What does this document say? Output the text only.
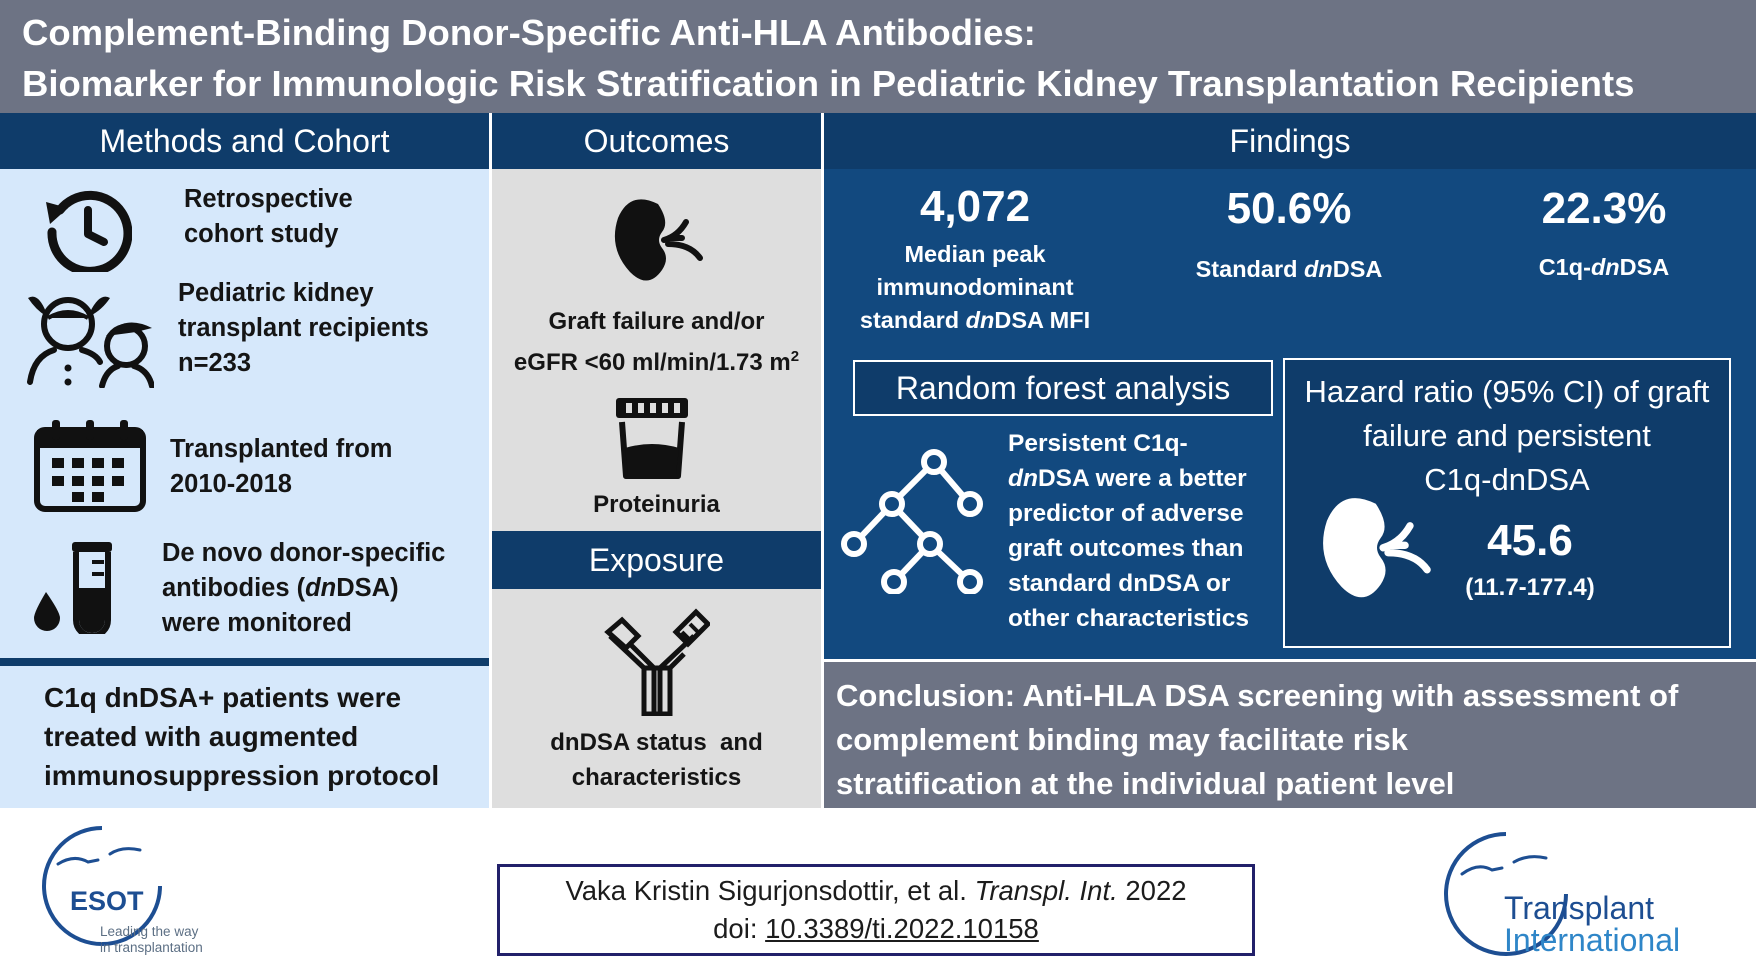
Complement-Binding Donor-Specific Anti-HLA Antibodies:
Biomarker for Immunologic Risk Stratification in Pediatric Kidney Transplantation Recipients
Methods and Cohort
Retrospective
cohort study
Pediatric kidney
transplant recipients
n=233
Transplanted from
2010-2018
De novo donor-specific
antibodies (dnDSA)
were monitored
C1q dnDSA+ patients were
treated with augmented
immunosuppression protocol
Outcomes
Graft failure and/or
eGFR <60 ml/min/1.73 $m^2$
Proteinuria
Exposure
dnDSA status  and
characteristics
Findings
4,072
Median peak
immunodominant
standard dnDSA MFI
50.6%
Standard dnDSA
22.3%
C1q-dnDSA
Random forest analysis
Persistent C1q-
dnDSA were a better
predictor of adverse
graft outcomes than
standard dnDSA or
other characteristics
Hazard ratio (95% CI) of graft
failure and persistent
C1q-dnDSA
45.6
(11.7-177.4)
Conclusion: Anti-HLA DSA screening with assessment of
complement binding may facilitate risk
stratification at the individual patient level
ESOT
Leading the way
in transplantation
Vaka Kristin Sigurjonsdottir, et al. Transpl. Int. 2022
doi: 10.3389/ti.2022.10158
Transplant
International
